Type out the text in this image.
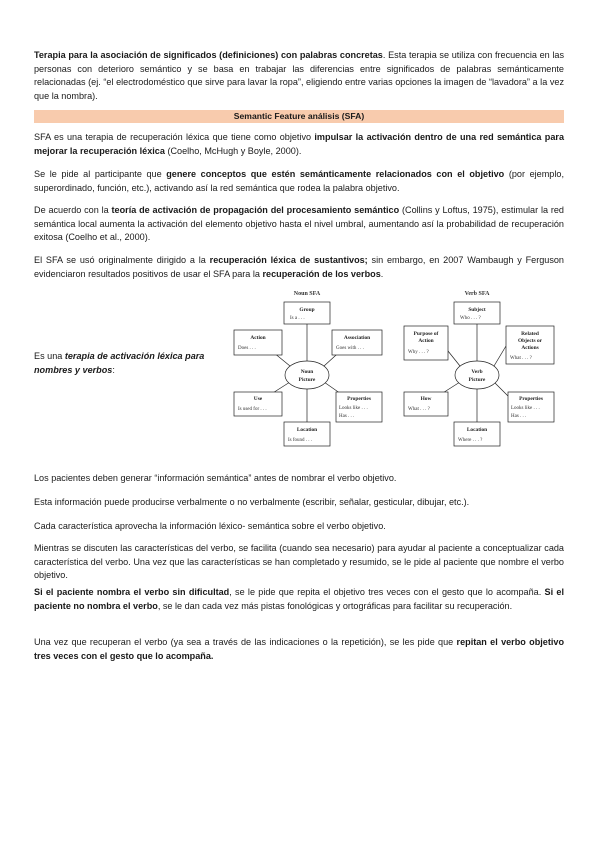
Terapia para la asociación de significados (definiciones) con palabras concretas. Esta terapia se utiliza con frecuencia en las personas con deterioro semántico y se basa en trabajar las diferencias entre significados de palabras semánticamente relacionadas (ej. “el electrodoméstico que sirve para lavar la ropa”, eligiendo entre varias opciones la imagen de “lavadora” a la vez que la nombra).

Semantic Feature análisis (SFA)

SFA es una terapia de recuperación léxica que tiene como objetivo impulsar la activación dentro de una red semántica para mejorar la recuperación léxica (Coelho, McHugh y Boyle, 2000).

Se le pide al participante que genere conceptos que estén semánticamente relacionados con el objetivo (por ejemplo, superordinado, función, etc.), activando así la red semántica que rodea la palabra objetivo.

De acuerdo con la teoría de activación de propagación del procesamiento semántico (Collins y Loftus, 1975), estimular la red semántica local aumenta la activación del elemento objetivo hasta el nivel umbral, aumentando así la probabilidad de recuperación exitosa (Coelho et al., 2000).

El SFA se usó originalmente dirigido a la recuperación léxica de sustantivos; sin embargo, en 2007 Wambaugh y Ferguson evidenciaron resultados positivos de usar el SFA para la recuperación de los verbos.

Es una terapia de activación léxica para nombres y verbos:
Noun SFA
Group
Is a . . .
Action
Does . . .
Association
Goes with . . .
Noun
Picture
Use
Is used for . . .
Properties
Looks like . . .
Has . . .
Location
Is found . . .
Verb SFA
Subject
Who . . . ?
Purpose of
Action
Why . . . ?
Related
Objects or
Actions
What . . . ?
Verb
Picture
How
What . . . ?
Properties
Looks like . . .
Has . . .
Location
Where . . . ?

Los pacientes deben generar “información semántica” antes de nombrar el verbo objetivo.

Esta información puede producirse verbalmente o no verbalmente (escribir, señalar, gesticular, dibujar, etc.).

Cada característica aprovecha la información léxico- semántica sobre el verbo objetivo.

Mientras se discuten las características del verbo, se facilita (cuando sea necesario) para ayudar al paciente a conceptualizar cada característica del verbo. Una vez que las características se han completado y resumido, se le pide al paciente que nombre el verbo objetivo.

Si el paciente nombra el verbo sin dificultad, se le pide que repita el objetivo tres veces con el gesto que lo acompaña. Si el paciente no nombra el verbo, se le dan cada vez más pistas fonológicas y ortográficas para facilitar su recuperación.

Una vez que recuperan el verbo (ya sea a través de las indicaciones o la repetición), se les pide que repitan el verbo objetivo tres veces con el gesto que lo acompaña.
